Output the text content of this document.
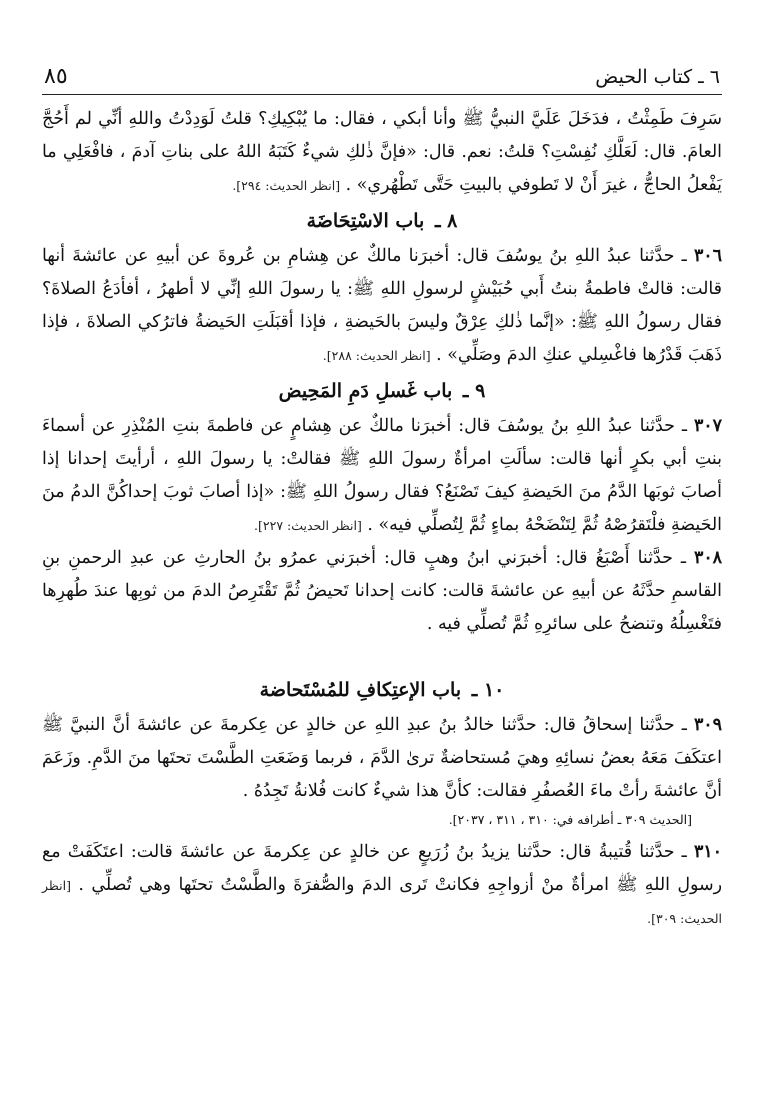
٦ ـ كتاب الحيض
٨٥

سَرِفَ طَمِثْتُ ، فدَخَلَ عَلَيَّ النبيُّ ﷺ وأنا أبكي ، فقال: ما يُبْكِيكِ؟ قلتُ لَوَدِدْتُ واللهِ أنِّي لم أَحُجَّ العامَ. قال: لَعَلَّكِ نُفِسْتِ؟ قلتُ: نعم. قال: «فإنَّ ذٰلكِ شيءٌ كَتَبَهُ اللهُ على بناتِ آدمَ ، فافْعَلِي ما يَفْعلُ الحاجُّ ، غيرَ أَنْ لا تَطوفي بالبيتِ حَتَّى تَطْهُري» . [انظر الحديث: ٢٩٤].

٨ ـ باب الاسْتِحَاضَة

٣٠٦ ـ حدَّثنا عبدُ اللهِ بنُ يوسُفَ قال: أخبرَنا مالكٌ عن هِشامِ بن عُروةَ عن أبيهِ عن عائشةَ أنها قالت: قالتْ فاطمةُ بنتُ أَبي حُبَيْشٍ لرسولِ اللهِ ﷺ: يا رسولَ اللهِ إنِّي لا أطهرُ ، أفأدَعُ الصلاةَ؟ فقال رسولُ اللهِ ﷺ: «إنَّما ذٰلكِ عِرْقٌ وليسَ بالحَيضةِ ، فإذا أقبَلَتِ الحَيضةُ فاترُكي الصلاةَ ، فإذا ذَهَبَ قَدْرُها فاغْسِلي عنكِ الدمَ وصَلِّي» . [انظر الحديث: ٢٨٨].

٩ ـ باب غَسلِ دَمِ المَحِيض

٣٠٧ ـ حدَّثنا عبدُ اللهِ بنُ يوسُفَ قال: أخبرَنا مالكٌ عن هِشامٍ عن فاطمةَ بنتِ المُنْذِرِ عن أسماءَ بنتِ أبي بكرٍ أنها قالت: سألَتِ امرأةٌ رسولَ اللهِ ﷺ فقالتْ: يا رسولَ اللهِ ، أرأيتَ إحدانا إذا أصابَ ثوبَها الدَّمُ منَ الحَيضةِ كيفَ تَصْنَعُ؟ فقال رسولُ اللهِ ﷺ: «إذا أصابَ ثوبَ إحداكُنَّ الدمُ منَ الحَيضةِ فلْتَقرُصْهُ ثُمَّ لِتَنْضَحْهُ بماءٍ ثُمَّ لِتُصلِّي فيه» . [انظر الحديث: ٢٢٧].

٣٠٨ ـ حدَّثنا أَصْبَغُ قال: أخبرَني ابنُ وهبٍ قال: أخبرَني عمرُو بنُ الحارثِ عن عبدِ الرحمنِ بنِ القاسمِ حدَّثَهُ عن أبيهِ عن عائشةَ قالت: كانت إحدانا تَحيضُ ثُمَّ تَقْتَرِصُ الدمَ من ثوبِها عندَ طُهرِها فتَغْسِلُهُ وتنضحُ على سائرِهِ ثُمَّ تُصلِّي فيه .

١٠ ـ باب الإعتِكافِ للمُسْتَحاضة

٣٠٩ ـ حدَّثنا إسحاقُ قال: حدَّثنا خالدُ بنُ عبدِ اللهِ عن خالدٍ عن عِكرمةَ عن عائشةَ أنَّ النبيَّ ﷺ اعتكَفَ مَعَهُ بعضُ نسائِهِ وهيَ مُستحاضةٌ ترىٰ الدَّمَ ، فربما وَضَعَتِ الطَّسْتَ تحتَها منَ الدَّمِ. وزَعَمَ أنَّ عائشةَ رأتْ ماءَ العُصفُرِ فقالت: كأنَّ هذا شيءٌ كانت فُلانةُ تَجِدُهُ .

[الحديث ٣٠٩ ـ أطرافه في: ٣١٠ ، ٣١١ ، ٢٠٣٧].

٣١٠ ـ حدَّثنا قُتيبةُ قال: حدَّثنا يزيدُ بنُ زُرَيعٍ عن خالدٍ عن عِكرمةَ عن عائشةَ قالت: اعتَكَفَتْ مع رسولِ اللهِ ﷺ امرأةٌ منْ أزواجِهِ فكانتْ تَرى الدمَ والصُّفرَةَ والطَّسْتُ تحتَها وهي تُصلِّي . [انظر الحديث: ٣٠٩].
